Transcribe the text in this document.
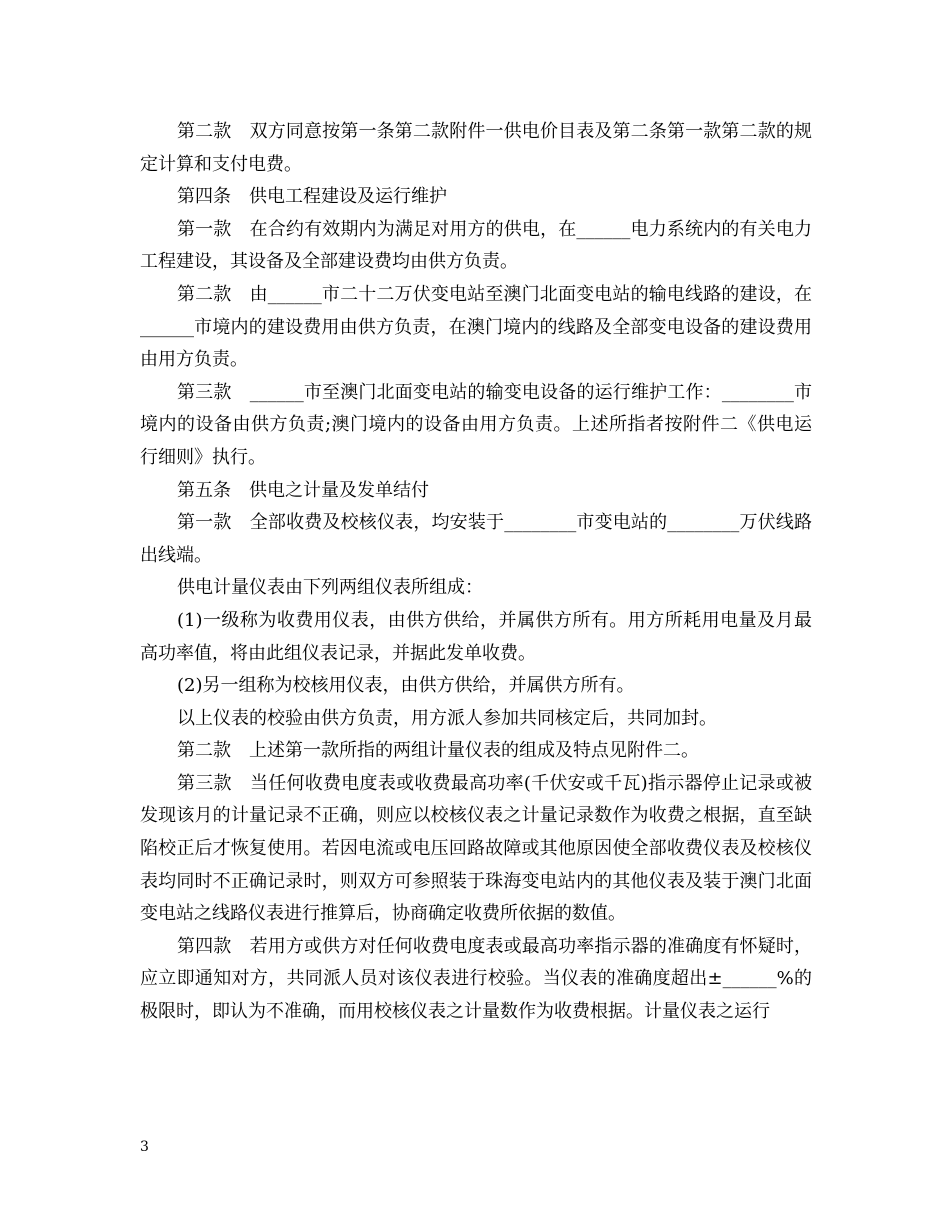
第二款　双方同意按第一条第二款附件一供电价目表及第二条第一款第二款的规定计算和支付电费。

第四条　供电工程建设及运行维护

第一款　在合约有效期内为满足对用方的供电，在______电力系统内的有关电力工程建设，其设备及全部建设费均由供方负责。

第二款　由______市二十二万伏变电站至澳门北面变电站的输电线路的建设，在______市境内的建设费用由供方负责，在澳门境内的线路及全部变电设备的建设费用由用方负责。

第三款　______市至澳门北面变电站的输变电设备的运行维护工作：________市境内的设备由供方负责;澳门境内的设备由用方负责。上述所指者按附件二《供电运行细则》执行。

第五条　供电之计量及发单结付

第一款　全部收费及校核仪表，均安装于________市变电站的________万伏线路出线端。

供电计量仪表由下列两组仪表所组成：

(1)一级称为收费用仪表，由供方供给，并属供方所有。用方所耗用电量及月最高功率值，将由此组仪表记录，并据此发单收费。

(2)另一组称为校核用仪表，由供方供给，并属供方所有。

以上仪表的校验由供方负责，用方派人参加共同核定后，共同加封。

第二款　上述第一款所指的两组计量仪表的组成及特点见附件二。

第三款　当任何收费电度表或收费最高功率(千伏安或千瓦)指示器停止记录或被发现该月的计量记录不正确，则应以校核仪表之计量记录数作为收费之根据，直至缺陷校正后才恢复使用。若因电流或电压回路故障或其他原因使全部收费仪表及校核仪表均同时不正确记录时，则双方可参照装于珠海变电站内的其他仪表及装于澳门北面变电站之线路仪表进行推算后，协商确定收费所依据的数值。

第四款　若用方或供方对任何收费电度表或最高功率指示器的准确度有怀疑时，应立即通知对方，共同派人员对该仪表进行校验。当仪表的准确度超出±______%的极限时，即认为不准确，而用校核仪表之计量数作为收费根据。计量仪表之运行

3
